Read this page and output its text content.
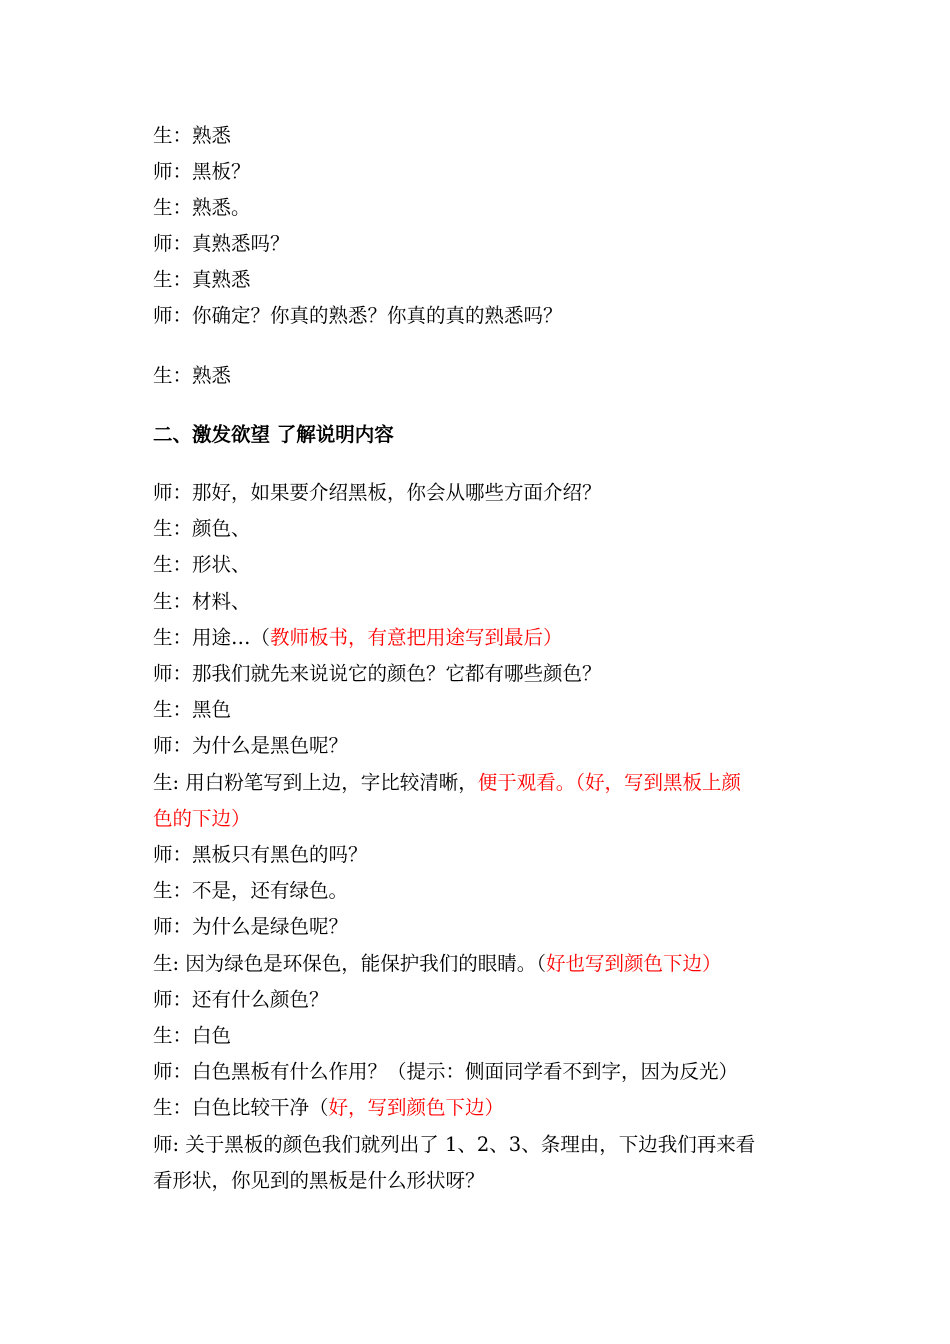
生：熟悉
师：黑板？
生：熟悉。
师：真熟悉吗？
生：真熟悉
师：你确定？你真的熟悉？你真的真的熟悉吗？
生：熟悉
二、激发欲望 了解说明内容
师：那好，如果要介绍黑板，你会从哪些方面介绍？
生：颜色、
生：形状、
生：材料、
生：用途…（教师板书，有意把用途写到最后）
师：那我们就先来说说它的颜色？它都有哪些颜色？
生：黑色
师：为什么是黑色呢？
生: 用白粉笔写到上边，字比较清晰，便于观看。（好，写到黑板上颜
色的下边）
师：黑板只有黑色的吗？
生：不是，还有绿色。
师：为什么是绿色呢？
生: 因为绿色是环保色，能保护我们的眼睛。（好也写到颜色下边）
师：还有什么颜色？
生：白色
师：白色黑板有什么作用？（提示：侧面同学看不到字，因为反光）
生：白色比较干净（好，写到颜色下边）
师: 关于黑板的颜色我们就列出了 1、2、3、条理由，下边我们再来看
看形状，你见到的黑板是什么形状呀？
